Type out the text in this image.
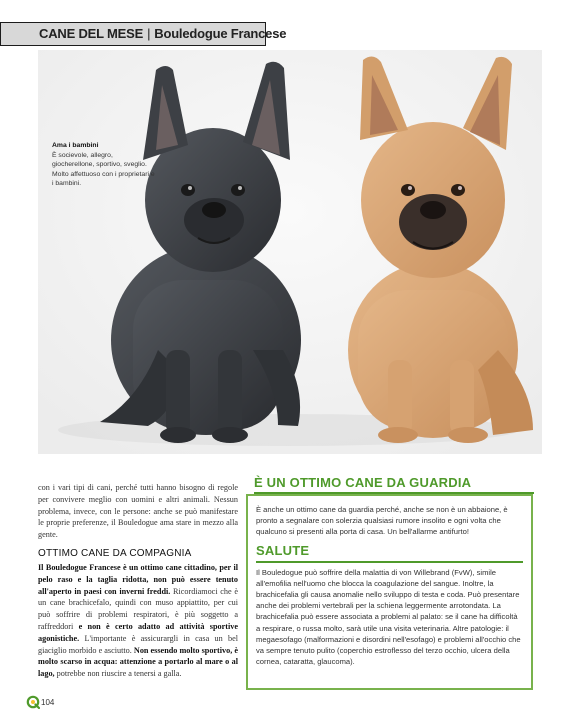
CANE DEL MESE | Bouledogue Francese
Ama i bambini
È socievole, allegro, giocherellone, sportivo, sveglio. Molto affettuoso con i proprietari e i bambini.

con i vari tipi di cani, perché tutti hanno bisogno di regole per convivere meglio con uomini e altri animali. Nessun problema, invece, con le persone: anche se può manifestare le proprie preferenze, il Bouledogue ama stare in mezzo alla gente.

OTTIMO CANE DA COMPAGNIA

Il Bouledogue Francese è un ottimo cane cittadino, per il pelo raso e la taglia ridotta, non può essere tenuto all'aperto in paesi con inverni freddi. Ricordiamoci che è un cane brachicefalo, quindi con muso appiattito, per cui può soffrire di problemi respiratori, è più soggetto a raffreddori e non è certo adatto ad attività sportive agonistiche. L'importante è assicurargli in casa un bel giaciglio morbido e asciutto. Non essendo molto sportivo, è molto scarso in acqua: attenzione a portarlo al mare o al lago, potrebbe non riuscire a tenersi a galla.

È UN OTTIMO CANE DA GUARDIA

È anche un ottimo cane da guardia perché, anche se non è un abbaione, è pronto a segnalare con solerzia qualsiasi rumore insolito e ogni volta che qualcuno si presenti alla porta di casa. Un bell'allarme antifurto!

SALUTE

Il Bouledogue può soffrire della malattia di von Willebrand (FvW), simile all'emofilia nell'uomo che blocca la coagulazione del sangue. Inoltre, la brachicefalia gli causa anomalie nello sviluppo di testa e coda. Può presentare anche dei problemi vertebrali per la schiena leggermente arrotondata. La brachicefalia può essere associata a problemi al palato: se il cane ha difficoltà a respirare, o russa molto, sarà utile una visita veterinaria. Altre patologie: il megaesofago (malformazioni e disordini nell'esofago) e problemi all'occhio che va sempre tenuto pulito (coperchio estroflesso del terzo occhio, ulcera della cornea, cataratta, glaucoma).

104
